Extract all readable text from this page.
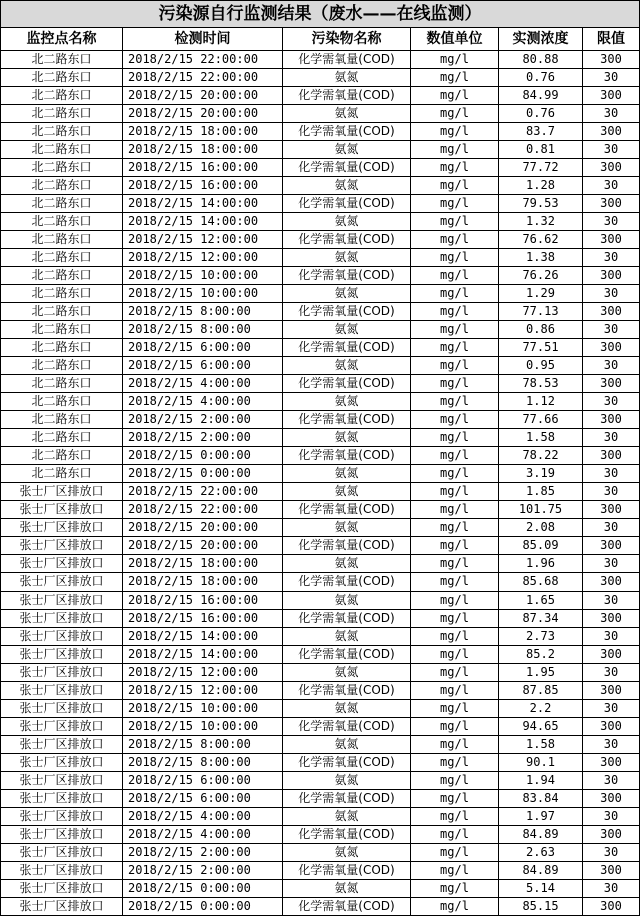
污染源自行监测结果（废水——在线监测）					
监控点名称	检测时间	污染物名称	数值单位	实测浓度	限值
北二路东口	2018/2/15 22:00:00	化学需氧量(COD)	mg/l	80.88	300
北二路东口	2018/2/15 22:00:00	氨氮	mg/l	0.76	30
北二路东口	2018/2/15 20:00:00	化学需氧量(COD)	mg/l	84.99	300
北二路东口	2018/2/15 20:00:00	氨氮	mg/l	0.76	30
北二路东口	2018/2/15 18:00:00	化学需氧量(COD)	mg/l	83.7	300
北二路东口	2018/2/15 18:00:00	氨氮	mg/l	0.81	30
北二路东口	2018/2/15 16:00:00	化学需氧量(COD)	mg/l	77.72	300
北二路东口	2018/2/15 16:00:00	氨氮	mg/l	1.28	30
北二路东口	2018/2/15 14:00:00	化学需氧量(COD)	mg/l	79.53	300
北二路东口	2018/2/15 14:00:00	氨氮	mg/l	1.32	30
北二路东口	2018/2/15 12:00:00	化学需氧量(COD)	mg/l	76.62	300
北二路东口	2018/2/15 12:00:00	氨氮	mg/l	1.38	30
北二路东口	2018/2/15 10:00:00	化学需氧量(COD)	mg/l	76.26	300
北二路东口	2018/2/15 10:00:00	氨氮	mg/l	1.29	30
北二路东口	2018/2/15 8:00:00	化学需氧量(COD)	mg/l	77.13	300
北二路东口	2018/2/15 8:00:00	氨氮	mg/l	0.86	30
北二路东口	2018/2/15 6:00:00	化学需氧量(COD)	mg/l	77.51	300
北二路东口	2018/2/15 6:00:00	氨氮	mg/l	0.95	30
北二路东口	2018/2/15 4:00:00	化学需氧量(COD)	mg/l	78.53	300
北二路东口	2018/2/15 4:00:00	氨氮	mg/l	1.12	30
北二路东口	2018/2/15 2:00:00	化学需氧量(COD)	mg/l	77.66	300
北二路东口	2018/2/15 2:00:00	氨氮	mg/l	1.58	30
北二路东口	2018/2/15 0:00:00	化学需氧量(COD)	mg/l	78.22	300
北二路东口	2018/2/15 0:00:00	氨氮	mg/l	3.19	30
张士厂区排放口	2018/2/15 22:00:00	氨氮	mg/l	1.85	30
张士厂区排放口	2018/2/15 22:00:00	化学需氧量(COD)	mg/l	101.75	300
张士厂区排放口	2018/2/15 20:00:00	氨氮	mg/l	2.08	30
张士厂区排放口	2018/2/15 20:00:00	化学需氧量(COD)	mg/l	85.09	300
张士厂区排放口	2018/2/15 18:00:00	氨氮	mg/l	1.96	30
张士厂区排放口	2018/2/15 18:00:00	化学需氧量(COD)	mg/l	85.68	300
张士厂区排放口	2018/2/15 16:00:00	氨氮	mg/l	1.65	30
张士厂区排放口	2018/2/15 16:00:00	化学需氧量(COD)	mg/l	87.34	300
张士厂区排放口	2018/2/15 14:00:00	氨氮	mg/l	2.73	30
张士厂区排放口	2018/2/15 14:00:00	化学需氧量(COD)	mg/l	85.2	300
张士厂区排放口	2018/2/15 12:00:00	氨氮	mg/l	1.95	30
张士厂区排放口	2018/2/15 12:00:00	化学需氧量(COD)	mg/l	87.85	300
张士厂区排放口	2018/2/15 10:00:00	氨氮	mg/l	2.2	30
张士厂区排放口	2018/2/15 10:00:00	化学需氧量(COD)	mg/l	94.65	300
张士厂区排放口	2018/2/15 8:00:00	氨氮	mg/l	1.58	30
张士厂区排放口	2018/2/15 8:00:00	化学需氧量(COD)	mg/l	90.1	300
张士厂区排放口	2018/2/15 6:00:00	氨氮	mg/l	1.94	30
张士厂区排放口	2018/2/15 6:00:00	化学需氧量(COD)	mg/l	83.84	300
张士厂区排放口	2018/2/15 4:00:00	氨氮	mg/l	1.97	30
张士厂区排放口	2018/2/15 4:00:00	化学需氧量(COD)	mg/l	84.89	300
张士厂区排放口	2018/2/15 2:00:00	氨氮	mg/l	2.63	30
张士厂区排放口	2018/2/15 2:00:00	化学需氧量(COD)	mg/l	84.89	300
张士厂区排放口	2018/2/15 0:00:00	氨氮	mg/l	5.14	30
张士厂区排放口	2018/2/15 0:00:00	化学需氧量(COD)	mg/l	85.15	300
